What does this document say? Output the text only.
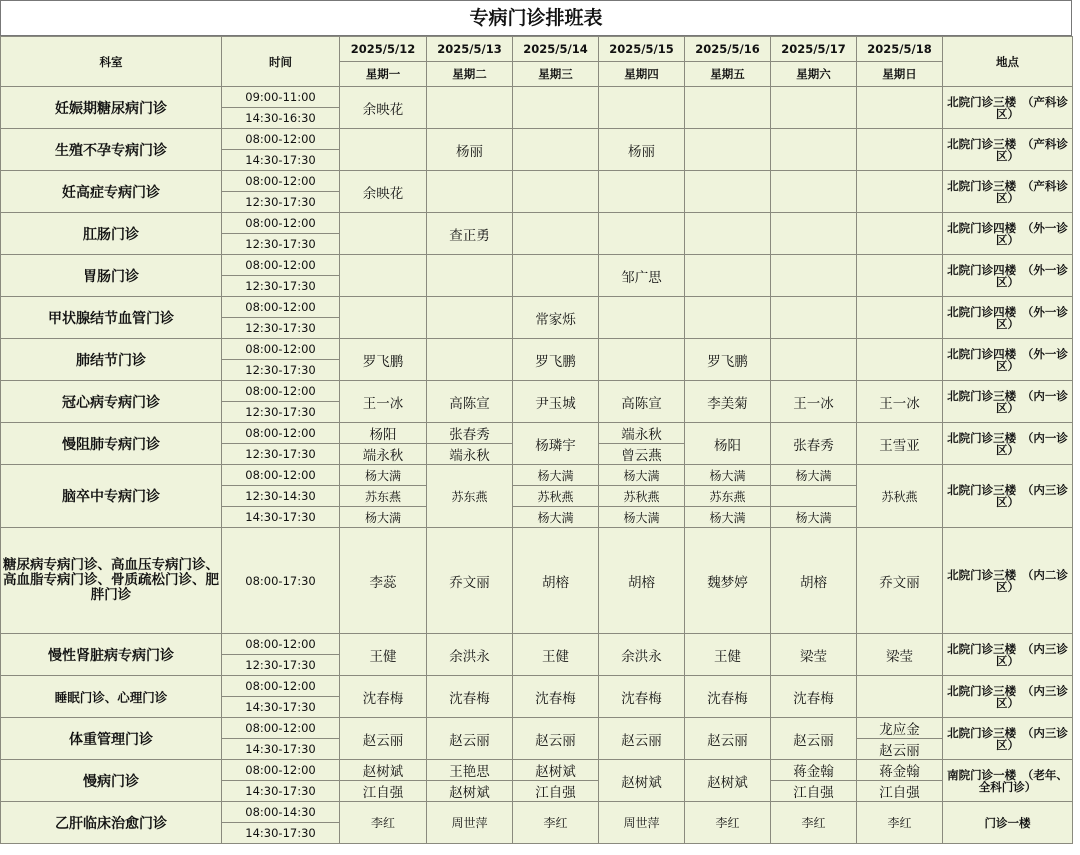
专病门诊排班表
科室	时间	2025/5/12	2025/5/13	2025/5/14	2025/5/15	2025/5/16	2025/5/17	2025/5/18	地点
		星期一	星期二	星期三	星期四	星期五	星期六	星期日	
妊娠期糖尿病门诊	09:00-11:00	余映花							北院门诊三楼　（产科诊区）
	14:30-16:30								
生殖不孕专病门诊	08:00-12:00		杨丽		杨丽				北院门诊三楼　（产科诊区）
	14:30-17:30								
妊高症专病门诊	08:00-12:00	余映花							北院门诊三楼　（产科诊区）
	12:30-17:30								
肛肠门诊	08:00-12:00		查正勇						北院门诊四楼　（外一诊区）
	12:30-17:30								
胃肠门诊	08:00-12:00				邹广思				北院门诊四楼　（外一诊区）
	12:30-17:30								
甲状腺结节血管门诊	08:00-12:00			常家烁					北院门诊四楼　（外一诊区）
	12:30-17:30								
肺结节门诊	08:00-12:00	罗飞鹏		罗飞鹏		罗飞鹏			北院门诊四楼　（外一诊区）
	12:30-17:30								
冠心病专病门诊	08:00-12:00	王一冰	高陈宣	尹玉城	高陈宣	李美菊	王一冰	王一冰	北院门诊三楼　（内一诊区）
	12:30-17:30								
慢阻肺专病门诊	08:00-12:00	杨阳	张春秀	杨璘宇	端永秋	杨阳	张春秀	王雪亚	北院门诊三楼　（内一诊区）
	12:30-17:30	端永秋	端永秋		曾云燕				
脑卒中专病门诊	08:00-12:00	杨大满	苏东燕	杨大满	杨大满	杨大满	杨大满	苏秋燕	北院门诊三楼　（内三诊区）
	12:30-14:30	苏东燕		苏秋燕	苏秋燕	苏东燕			
	14:30-17:30	杨大满		杨大满	杨大满	杨大满	杨大满		
糖尿病专病门诊、高血压专病门诊、高血脂专病门诊、骨质疏松门诊、肥胖门诊	08:00-17:30	李蕊	乔文丽	胡榕	胡榕	魏梦婷	胡榕	乔文丽	北院门诊三楼　（内二诊区）
慢性肾脏病专病门诊	08:00-12:00	王健	余洪永	王健	余洪永	王健	梁莹	梁莹	北院门诊三楼　（内三诊区）
	12:30-17:30								
睡眠门诊、心理门诊	08:00-12:00	沈春梅	沈春梅	沈春梅	沈春梅	沈春梅	沈春梅		北院门诊三楼　（内三诊区）
	14:30-17:30								
体重管理门诊	08:00-12:00	赵云丽	赵云丽	赵云丽	赵云丽	赵云丽	赵云丽	龙应金	北院门诊三楼　（内三诊区）
	14:30-17:30							赵云丽	
慢病门诊	08:00-12:00	赵树斌	王艳思	赵树斌	赵树斌	赵树斌	蒋金翰	蒋金翰	南院门诊一楼　（老年、全科门诊）
	14:30-17:30	江自强	赵树斌	江自强			江自强	江自强	
乙肝临床治愈门诊	08:00-14:30	李红	周世萍	李红	周世萍	李红	李红	李红	门诊一楼
	14:30-17:30								
